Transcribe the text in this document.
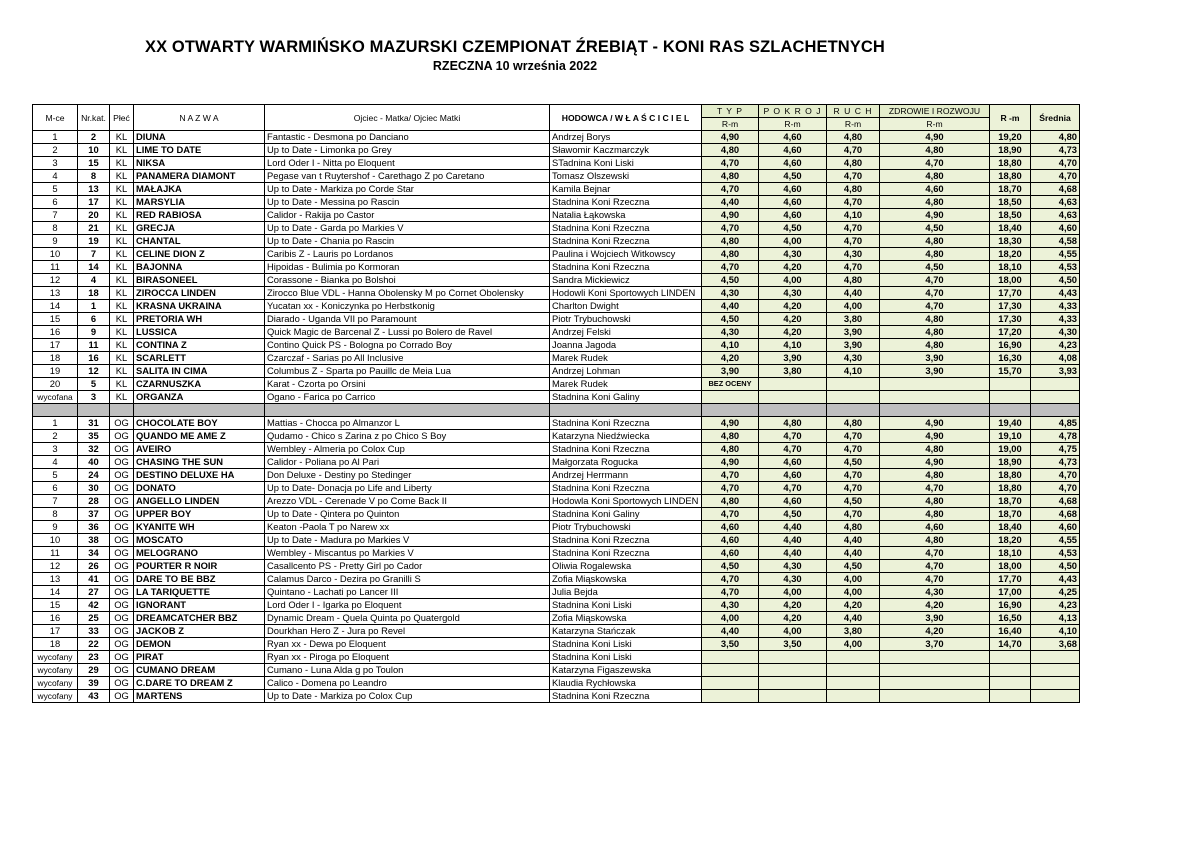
XX OTWARTY WARMIŃSKO MAZURSKI CZEMPIONAT ŹREBIĄT - KONI RAS SZLACHETNYCH
RZECZNA 10 września 2022
M-ce	Nr.kat.	Płeć	N A Z W A	Ojciec - Matka/ Ojciec Matki	HODOWCA / W Ł A Ś C I C I E L	T Y P	P O K R O J	R U C H	ZDROWIE I ROZWOJU	R -m	Średnia
						R-m	R-m	R-m	R-m		
1	2	KL	DIUNA	Fantastic - Desmona po Danciano	Andrzej Borys	4,90	4,60	4,80	4,90	19,20	4,80
2	10	KL	LIME TO DATE	Up to Date - Limonka po Grey	Sławomir Kaczmarczyk	4,80	4,60	4,70	4,80	18,90	4,73
3	15	KL	NIKSA	Lord Oder I - Nitta po Eloquent	STadnina Koni Liski	4,70	4,60	4,80	4,70	18,80	4,70
4	8	KL	PANAMERA DIAMONT	Pegase van t Ruytershof - Carethago Z po Caretano	Tomasz Olszewski	4,80	4,50	4,70	4,80	18,80	4,70
5	13	KL	MAŁAJKA	Up to Date - Markiza po Corde Star	Kamila Bejnar	4,70	4,60	4,80	4,60	18,70	4,68
6	17	KL	MARSYLIA	Up to Date - Messina po Rascin	Stadnina Koni Rzeczna	4,40	4,60	4,70	4,80	18,50	4,63
7	20	KL	RED RABIOSA	Calidor - Rakija po Castor	Natalia Łąkowska	4,90	4,60	4,10	4,90	18,50	4,63
8	21	KL	GRECJA	Up to Date - Garda po Markies V	Stadnina Koni Rzeczna	4,70	4,50	4,70	4,50	18,40	4,60
9	19	KL	CHANTAL	Up to Date - Chania po Rascin	Stadnina Koni Rzeczna	4,80	4,00	4,70	4,80	18,30	4,58
10	7	KL	CELINE DION Z	Caribis Z - Lauris po Lordanos	Paulina i Wojciech Witkowscy	4,80	4,30	4,30	4,80	18,20	4,55
11	14	KL	BAJONNA	Hipoidas - Bulimia po Kormoran	Stadnina Koni Rzeczna	4,70	4,20	4,70	4,50	18,10	4,53
12	4	KL	BIRASONEEL	Corassone - Bianka po Bolshoi	Sandra Mickiewicz	4,50	4,00	4,80	4,70	18,00	4,50
13	18	KL	ZIROCCA LINDEN	Zirocco Blue VDL - Hanna Obolensky M po Cornet Obolensky	Hodowli Koni Sportowych LINDEN	4,30	4,30	4,40	4,70	17,70	4,43
14	1	KL	KRASNA UKRAINA	Yucatan xx - Koniczynka po Herbstkonig	Charlton Dwight	4,40	4,20	4,00	4,70	17,30	4,33
15	6	KL	PRETORIA WH	Diarado - Uganda VII po Paramount	Piotr Trybuchowski	4,50	4,20	3,80	4,80	17,30	4,33
16	9	KL	LUSSICA	Quick Magic de Barcenal Z - Lussi po Bolero de Ravel	Andrzej Felski	4,30	4,20	3,90	4,80	17,20	4,30
17	11	KL	CONTINA Z	Contino Quick PS - Bologna po Corrado Boy	Joanna Jagoda	4,10	4,10	3,90	4,80	16,90	4,23
18	16	KL	SCARLETT	Czarczaf - Sarias po All Inclusive	Marek Rudek	4,20	3,90	4,30	3,90	16,30	4,08
19	12	KL	SALITA IN CIMA	Columbus Z - Sparta po Pauillc de Meia Lua	Andrzej Lohman	3,90	3,80	4,10	3,90	15,70	3,93
20	5	KL	CZARNUSZKA	Karat - Czorta po Orsini	Marek Rudek	BEZ OCENY					
wycofana	3	KL	ORGANZA	Ogano - Farica po Carrico	Stadnina Koni Galiny						

1	31	OG	CHOCOLATE BOY	Mattias - Chocca po Almanzor L	Stadnina Koni Rzeczna	4,90	4,80	4,80	4,90	19,40	4,85
2	35	OG	QUANDO ME AME Z	Qudamo - Chico s Zarina z po Chico S Boy	Katarzyna Niedźwiecka	4,80	4,70	4,70	4,90	19,10	4,78
3	32	OG	AVEIRO	Wembley - Almeria po Colox Cup	Stadnina Koni Rzeczna	4,80	4,70	4,70	4,80	19,00	4,75
4	40	OG	CHASING THE SUN	Calidor - Poliana po Al Pari	Małgorzata Rogucka	4,90	4,60	4,50	4,90	18,90	4,73
5	24	OG	DESTINO DELUXE HA	Don Deluxe - Destiny po Stedinger	Andrzej Herrmann	4,70	4,60	4,70	4,80	18,80	4,70
6	30	OG	DONATO	Up to Date- Donacja po Life and Liberty	Stadnina Koni Rzeczna	4,70	4,70	4,70	4,70	18,80	4,70
7	28	OG	ANGELLO LINDEN	Arezzo VDL - Cerenade V po Come Back II	Hodowla Koni Sportowych LINDEN	4,80	4,60	4,50	4,80	18,70	4,68
8	37	OG	UPPER BOY	Up to Date - Qintera po Quinton	Stadnina Koni Galiny	4,70	4,50	4,70	4,80	18,70	4,68
9	36	OG	KYANITE WH	Keaton -Paola T po Narew xx	Piotr Trybuchowski	4,60	4,40	4,80	4,60	18,40	4,60
10	38	OG	MOSCATO	Up to Date - Madura po Markies V	Stadnina Koni Rzeczna	4,60	4,40	4,40	4,80	18,20	4,55
11	34	OG	MELOGRANO	Wembley - Miscantus po Markies V	Stadnina Koni Rzeczna	4,60	4,40	4,40	4,70	18,10	4,53
12	26	OG	POURTER R NOIR	Casallcento PS - Pretty Girl po Cador	Oliwia Rogalewska	4,50	4,30	4,50	4,70	18,00	4,50
13	41	OG	DARE TO BE BBZ	Calamus Darco - Dezira po Granilli S	Zofia Miąskowska	4,70	4,30	4,00	4,70	17,70	4,43
14	27	OG	LA TARIQUETTE	Quintano - Lachati po Lancer III	Julia Bejda	4,70	4,00	4,00	4,30	17,00	4,25
15	42	OG	IGNORANT	Lord Oder I - Igarka po Eloquent	Stadnina Koni Liski	4,30	4,20	4,20	4,20	16,90	4,23
16	25	OG	DREAMCATCHER BBZ	Dynamic Dream - Quela Quinta po Quatergold	Zofia Miąskowska	4,00	4,20	4,40	3,90	16,50	4,13
17	33	OG	JACKOB Z	Dourkhan Hero Z - Jura po Revel	Katarzyna Stańczak	4,40	4,00	3,80	4,20	16,40	4,10
18	22	OG	DEMON	Ryan xx - Dewa po Eloquent	Stadnina Koni Liski	3,50	3,50	4,00	3,70	14,70	3,68
wycofany	23	OG	PIRAT	Ryan xx - Piroga po Eloquent	Stadnina Koni Liski						
wycofany	29	OG	CUMANO DREAM	Cumano - Luna Alda g po Toulon	Katarzyna Figaszewska						
wycofany	39	OG	C.DARE TO DREAM Z	Calico - Domena po Leandro	Klaudia Rychłowska						
wycofany	43	OG	MARTENS	Up to Date - Markiza po Colox Cup	Stadnina Koni Rzeczna						
